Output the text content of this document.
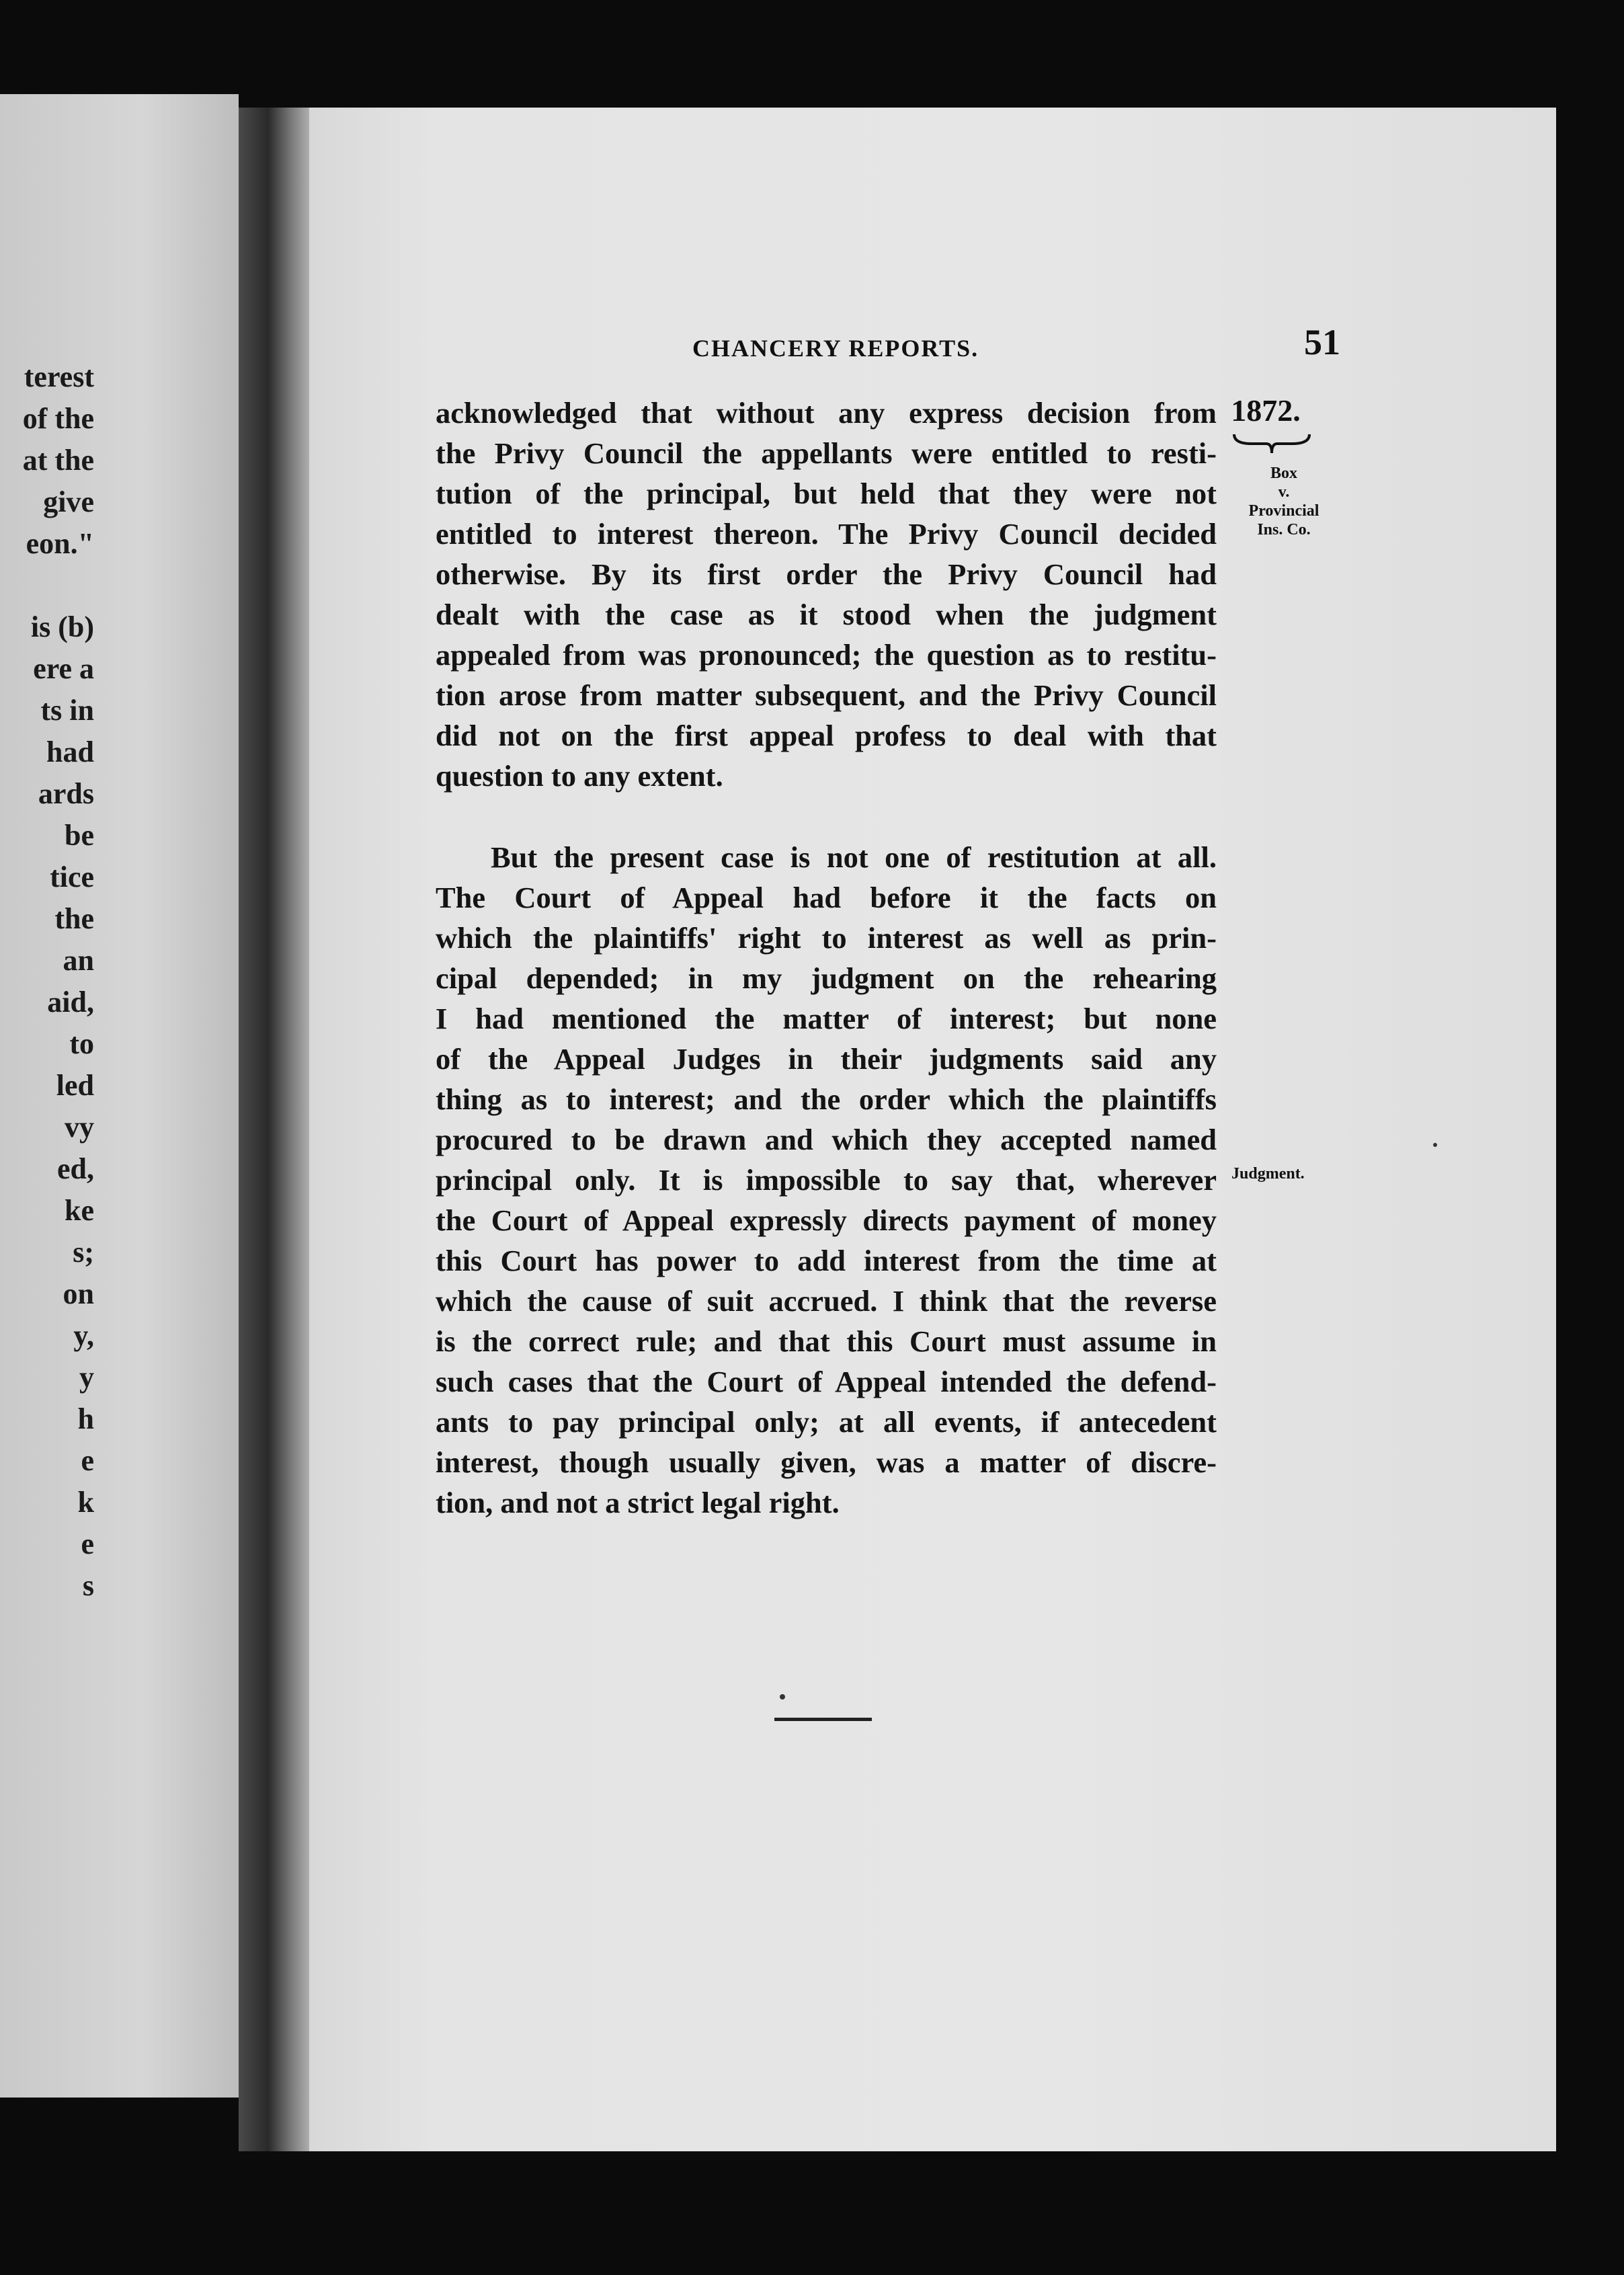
terest
of the
at the
give
eon."
is (b)
ere a
ts in
had
ards
be
tice
the
an
aid,
to
led
vy
ed,
ke
s;
on
y,
y
h
e
k
e
s
CHANCERY REPORTS.	51
1872.
Box
v.
Provincial
Ins. Co.
Judgment.
acknowledged that without any express decision from
the Privy Council the appellants were entitled to resti-
tution of the principal, but held that they were not
entitled to interest thereon. The Privy Council decided
otherwise. By its first order the Privy Council had
dealt with the case as it stood when the judgment
appealed from was pronounced; the question as to restitu-
tion arose from matter subsequent, and the Privy Council
did not on the first appeal profess to deal with that
question to any extent.
But the present case is not one of restitution at all.
The Court of Appeal had before it the facts on
which the plaintiffs' right to interest as well as prin-
cipal depended; in my judgment on the rehearing
I had mentioned the matter of interest; but none
of the Appeal Judges in their judgments said any
thing as to interest; and the order which the plaintiffs
procured to be drawn and which they accepted named
principal only. It is impossible to say that, wherever
the Court of Appeal expressly directs payment of money
this Court has power to add interest from the time at
which the cause of suit accrued. I think that the reverse
is the correct rule; and that this Court must assume in
such cases that the Court of Appeal intended the defend-
ants to pay principal only; at all events, if antecedent
interest, though usually given, was a matter of discre-
tion, and not a strict legal right.
